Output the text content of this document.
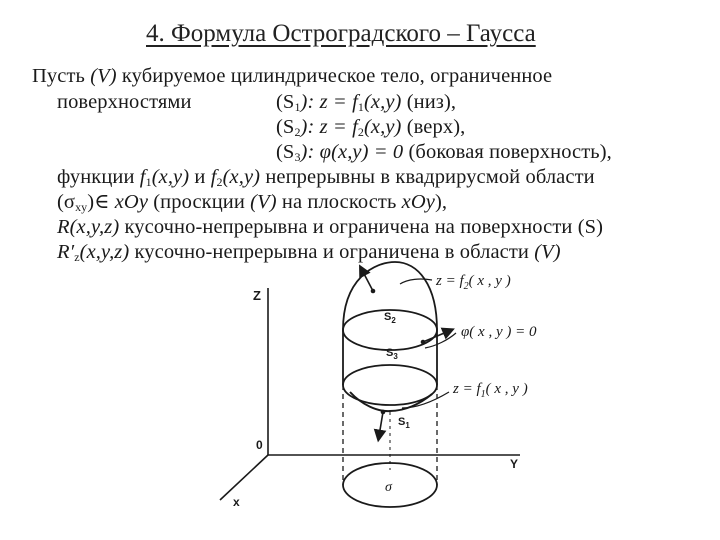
4. Формула Остроградского – Гаусса
Пусть (V) кубируемое цилиндрическое тело, ограниченное
поверхностями	$(S_1)$: $z = f_1(x,y)$ (низ),
$(S_2)$: $z = f_2(x,y)$ (верх),
$(S_3)$: φ(x,y) = 0 (боковая поверхность),
функции $f_1(x,y)$ и $f_2(x,y)$ непрерывны в квадрирусмой области
$(\sigma_{xy})\in$ xOy (проскции (V) на плоскость xOy),
R(x,y,z) кусочно-непрерывна и ограничена на поверхности (S)
$R'_z(x,y,z)$ кусочно-непрерывна и ограничена в области (V)
Z
Y
x
0
σ
$S_2$
$S_3$
$S_1$
$z = f_2$( x , y )
φ( x , y ) = 0
$z = f_1$( x , y )
